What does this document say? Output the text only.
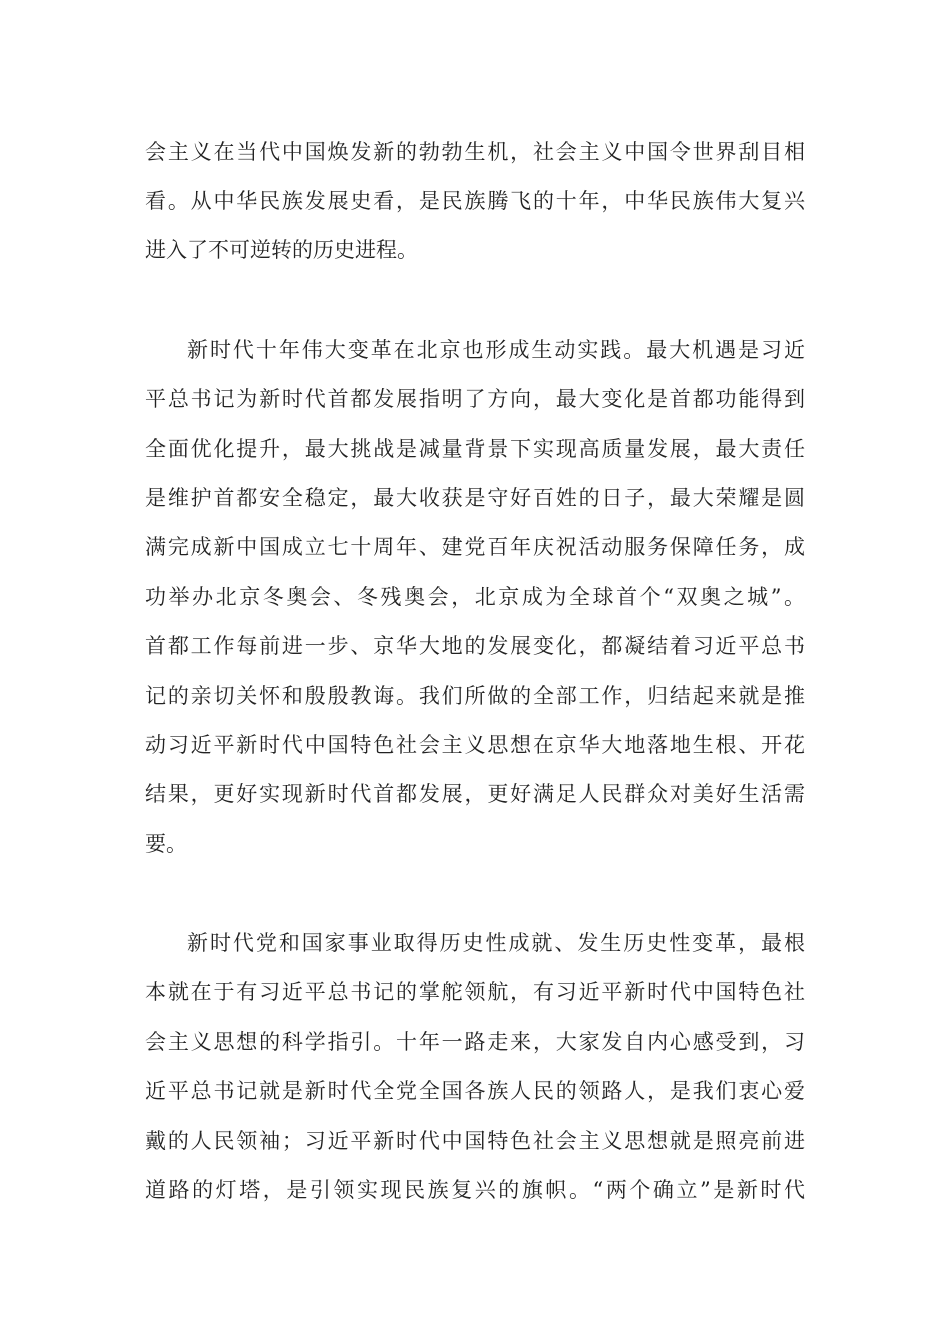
会主义在当代中国焕发新的勃勃生机，社会主义中国令世界刮目相
看。从中华民族发展史看，是民族腾飞的十年，中华民族伟大复兴
进入了不可逆转的历史进程。
新时代十年伟大变革在北京也形成生动实践。最大机遇是习近
平总书记为新时代首都发展指明了方向，最大变化是首都功能得到
全面优化提升，最大挑战是减量背景下实现高质量发展，最大责任
是维护首都安全稳定，最大收获是守好百姓的日子，最大荣耀是圆
满完成新中国成立七十周年、建党百年庆祝活动服务保障任务，成
功举办北京冬奥会、冬残奥会，北京成为全球首个“双奥之城”。
首都工作每前进一步、京华大地的发展变化，都凝结着习近平总书
记的亲切关怀和殷殷教诲。我们所做的全部工作，归结起来就是推
动习近平新时代中国特色社会主义思想在京华大地落地生根、开花
结果，更好实现新时代首都发展，更好满足人民群众对美好生活需
要。
新时代党和国家事业取得历史性成就、发生历史性变革，最根
本就在于有习近平总书记的掌舵领航，有习近平新时代中国特色社
会主义思想的科学指引。十年一路走来，大家发自内心感受到，习
近平总书记就是新时代全党全国各族人民的领路人，是我们衷心爱
戴的人民领袖；习近平新时代中国特色社会主义思想就是照亮前进
道路的灯塔，是引领实现民族复兴的旗帜。“两个确立”是新时代
